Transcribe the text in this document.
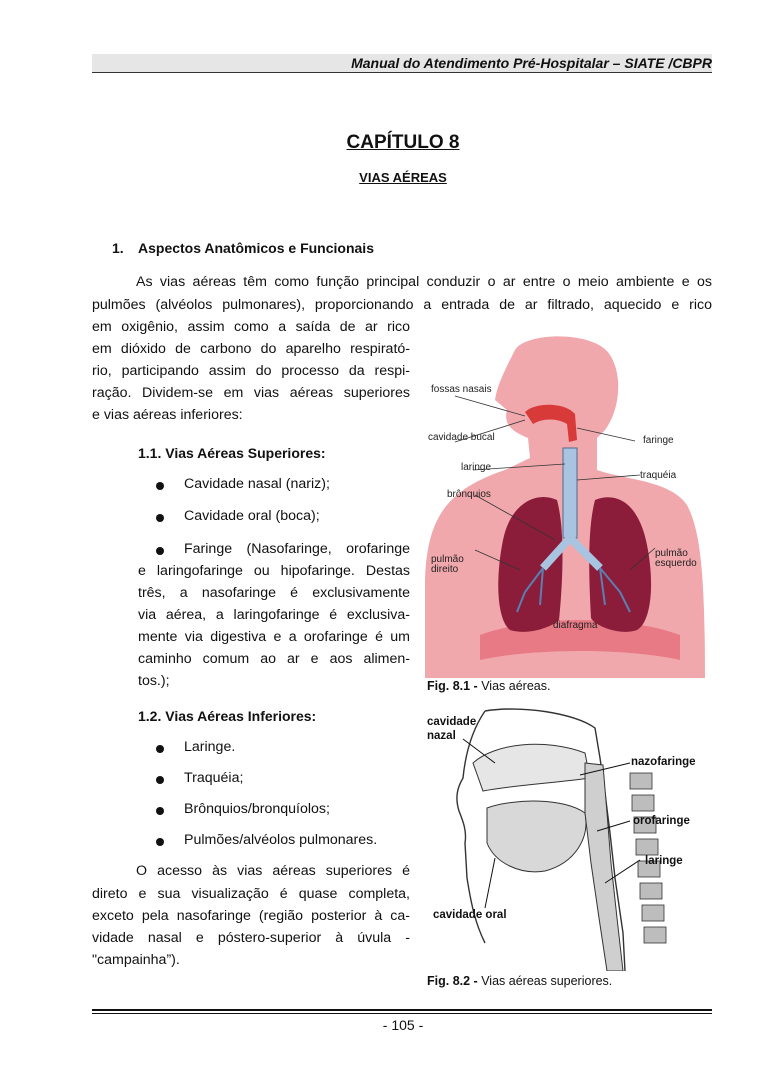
Manual do Atendimento Pré-Hospitalar – SIATE /CBPR
CAPÍTULO 8
VIAS AÉREAS
1. Aspectos Anatômicos e Funcionais
As vias aéreas têm como função principal conduzir o ar entre o meio ambiente e os
pulmões (alvéolos pulmonares), proporcionando a entrada de ar filtrado, aquecido e rico
em oxigênio, assim como a saída de ar rico
em dióxido de carbono do aparelho respirató-
rio, participando assim do processo da respi-
ração. Dividem-se em vias aéreas superiores
e vias aéreas inferiores:
1.1. Vias Aéreas Superiores:
Cavidade nasal (nariz);
Cavidade oral (boca);
Faringe (Nasofaringe, orofaringe
e laringofaringe ou hipofaringe. Destas
três, a nasofaringe é exclusivamente
via aérea, a laringofaringe é exclusiva-
mente via digestiva e a orofaringe é um
caminho comum ao ar e aos alimen-
tos.);
1.2. Vias Aéreas Inferiores:
Laringe.
Traquéia;
Brônquios/bronquíolos;
Pulmões/alvéolos pulmonares.
O acesso às vias aéreas superiores é
direto e sua visualização é quase completa,
exceto pela nasofaringe (região posterior à ca-
vidade nasal e póstero-superior à úvula -
"campainha”).
fossas nasais
cavidade bucal	faringe
laringe
traquéia
brônquios
pulmão
direito
pulmão
esquerdo
diafragma
Fig. 8.1 - Vias aéreas.
cavidade
nazal
nazofaringe
orofaringe
laringe
cavidade oral
Fig. 8.2 - Vias aéreas superiores.
- 105 -
